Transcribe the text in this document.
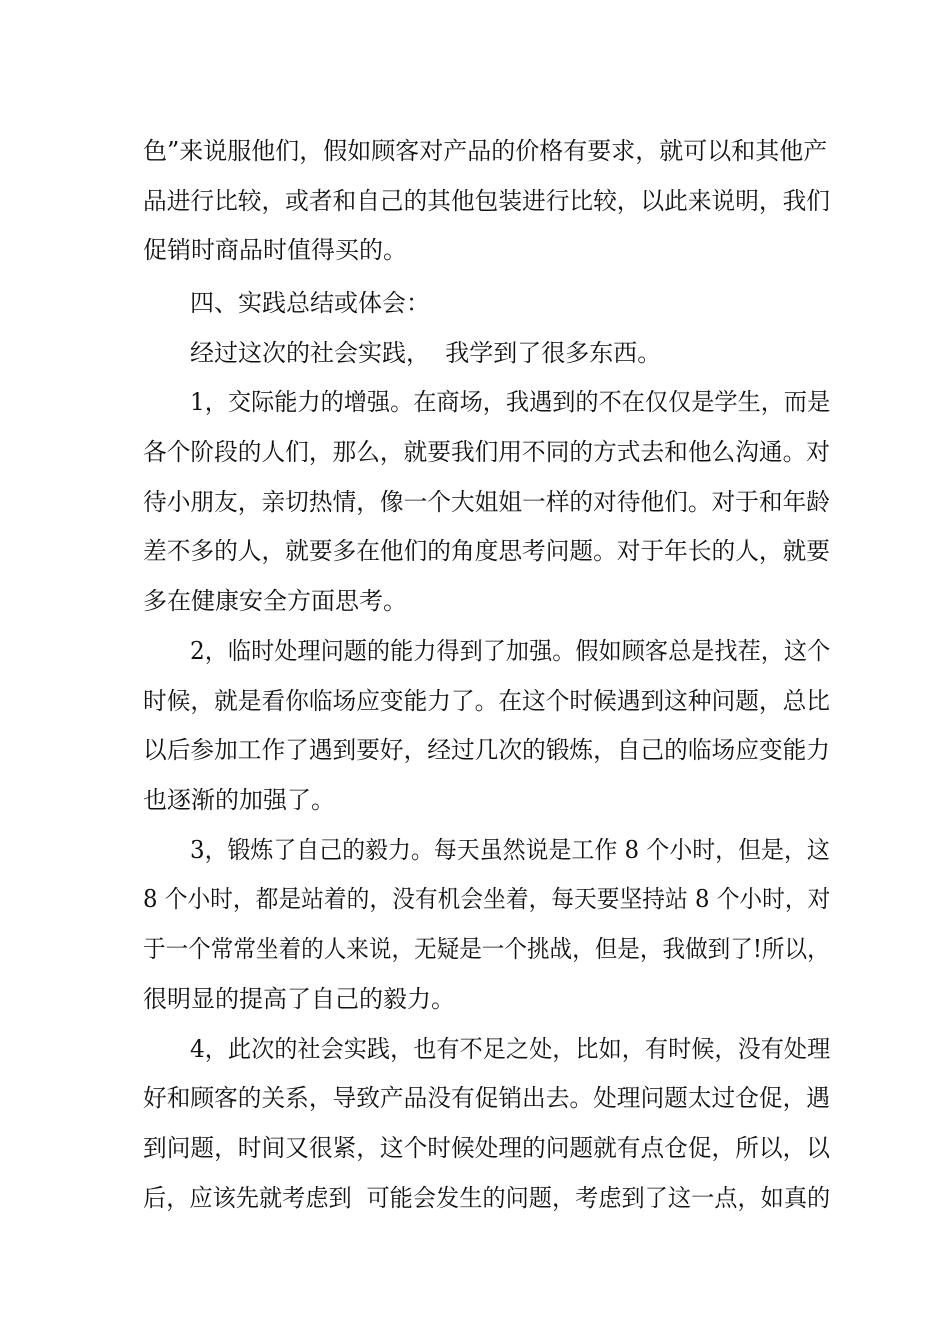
色”来说服他们，假如顾客对产品的价格有要求，就可以和其他产
品进行比较，或者和自己的其他包装进行比较，以此来说明，我们
促销时商品时值得买的。
四、实践总结或体会：
经过这次的社会实践，  我学到了很多东西。
1，交际能力的增强。在商场，我遇到的不在仅仅是学生，而是
各个阶段的人们，那么，就要我们用不同的方式去和他么沟通。对
待小朋友，亲切热情，像一个大姐姐一样的对待他们。对于和年龄
差不多的人，就要多在他们的角度思考问题。对于年长的人，就要
多在健康安全方面思考。
2，临时处理问题的能力得到了加强。假如顾客总是找茬，这个
时候，就是看你临场应变能力了。在这个时候遇到这种问题，总比
以后参加工作了遇到要好，经过几次的锻炼，自己的临场应变能力
也逐渐的加强了。
3，锻炼了自己的毅力。每天虽然说是工作 8 个小时，但是，这
8 个小时，都是站着的，没有机会坐着，每天要坚持站 8 个小时，对
于一个常常坐着的人来说，无疑是一个挑战，但是，我做到了!所以，
很明显的提高了自己的毅力。
4，此次的社会实践，也有不足之处，比如，有时候，没有处理
好和顾客的关系，导致产品没有促销出去。处理问题太过仓促，遇
到问题，时间又很紧，这个时候处理的问题就有点仓促，所以，以
后，应该先就考虑到  可能会发生的问题，考虑到了这一点，如真的
